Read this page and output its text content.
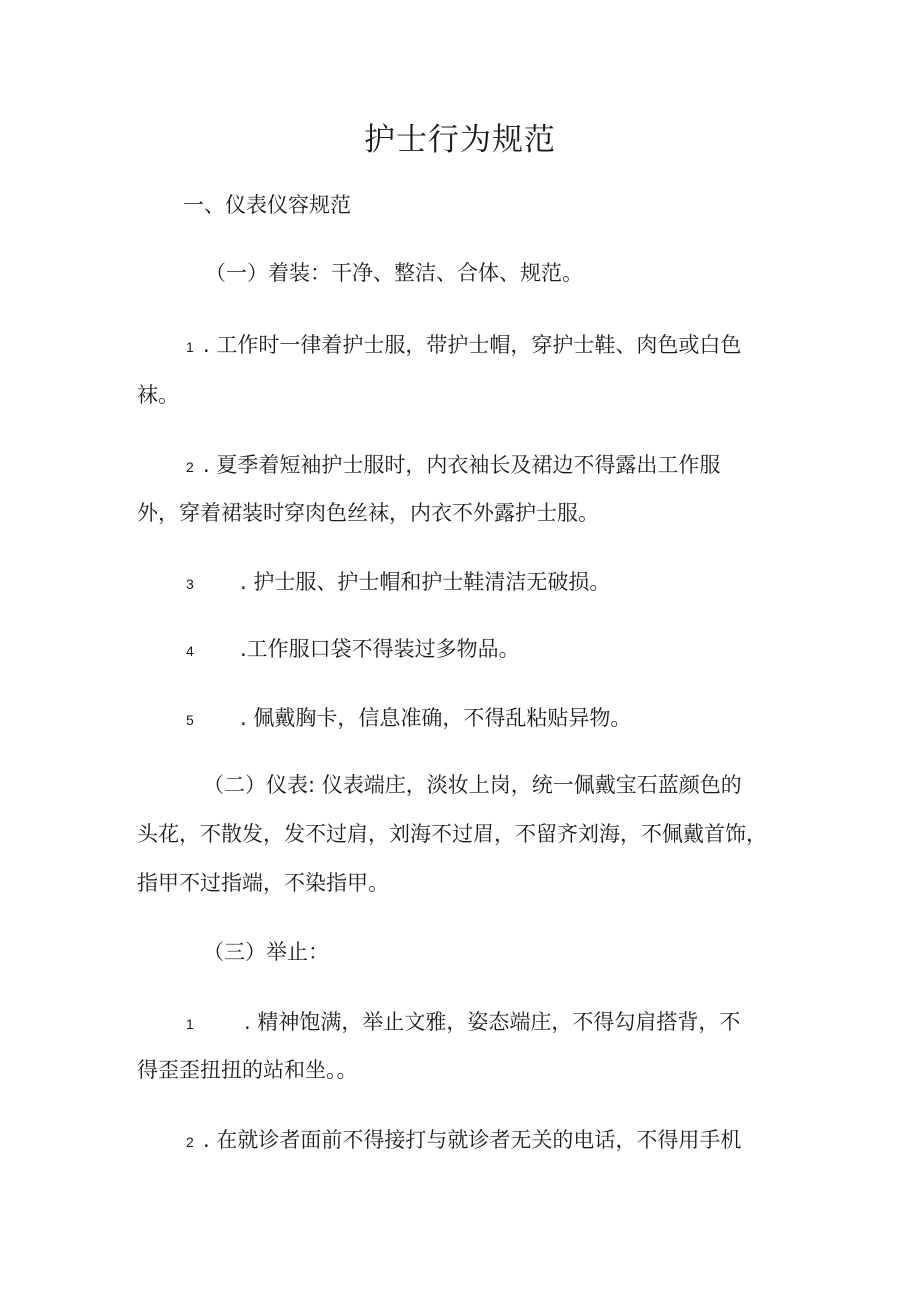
护士行为规范
一、仪表仪容规范
（一）着装：干净、整洁、合体、规范。
1 . 工作时一律着护士服，带护士帽，穿护士鞋、肉色或白色
袜。
2 . 夏季着短袖护士服时，内衣袖长及裙边不得露出工作服
外，穿着裙装时穿肉色丝袜，内衣不外露护士服。
3 . 护士服、护士帽和护士鞋清洁无破损。
4 .工作服口袋不得装过多物品。
5 . 佩戴胸卡，信息准确，不得乱粘贴异物。
（二）仪表: 仪表端庄，淡妆上岗，统一佩戴宝石蓝颜色的
头花，不散发，发不过肩，刘海不过眉，不留齐刘海，不佩戴首饰，
指甲不过指端，不染指甲。
（三）举止：
1 . 精神饱满，举止文雅，姿态端庄，不得勾肩搭背，不
得歪歪扭扭的站和坐。。
2 . 在就诊者面前不得接打与就诊者无关的电话，不得用手机
